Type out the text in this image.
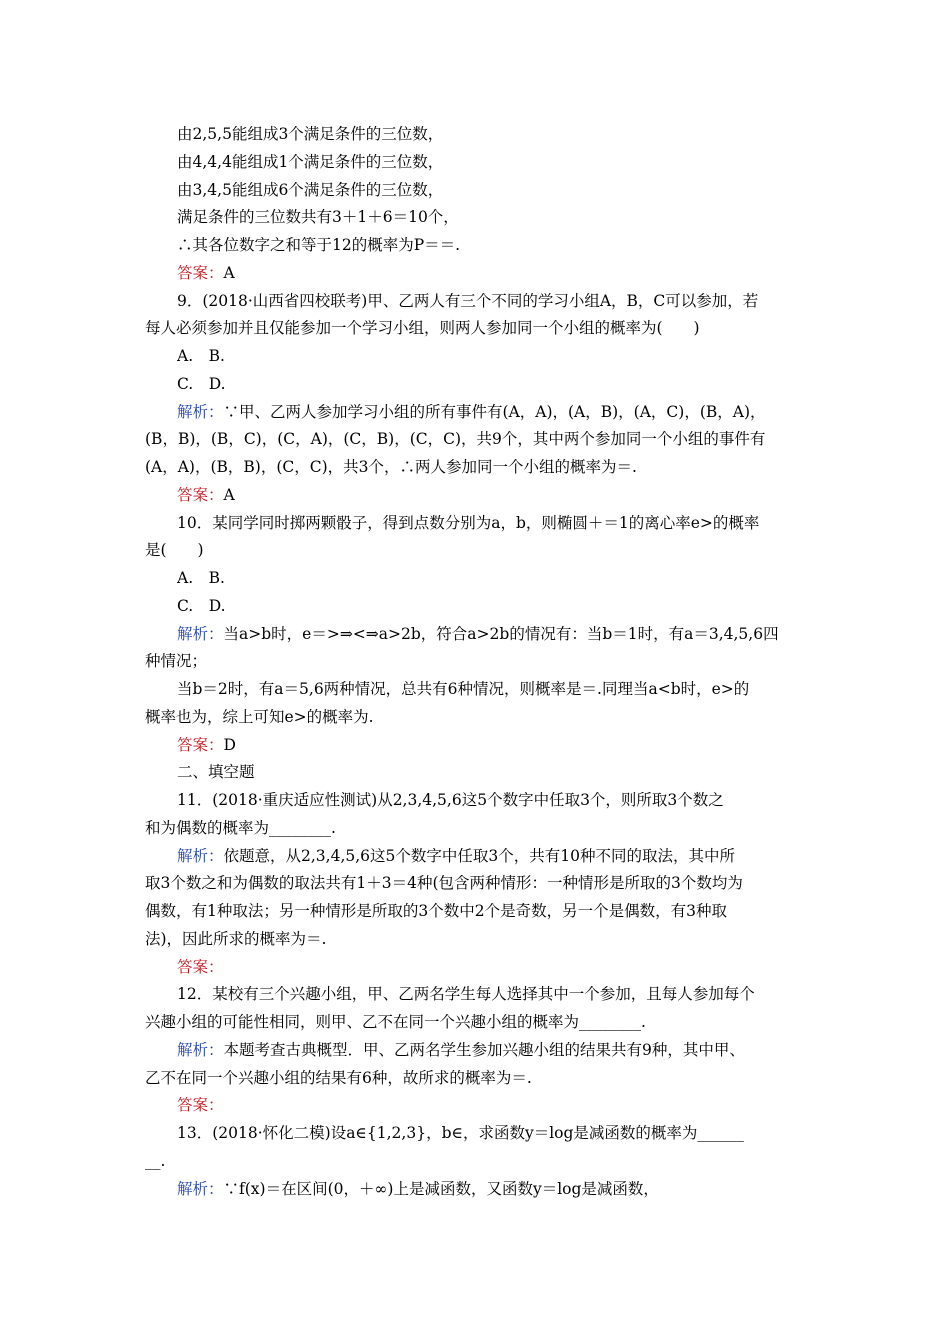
由2,5,5能组成3个满足条件的三位数，
由4,4,4能组成1个满足条件的三位数，
由3,4,5能组成6个满足条件的三位数，
满足条件的三位数共有3＋1＋6＝10个，
∴其各位数字之和等于12的概率为P＝＝.
答案：A
9．(2018·山西省四校联考)甲、乙两人有三个不同的学习小组A，B，C可以参加，若
每人必须参加并且仅能参加一个学习小组，则两人参加同一个小组的概率为(　　)
A.　B.
C.　D.
解析：∵甲、乙两人参加学习小组的所有事件有(A，A)，(A，B)，(A，C)，(B，A)，
(B，B)，(B，C)，(C，A)，(C，B)，(C，C)，共9个，其中两个参加同一个小组的事件有
(A，A)，(B，B)，(C，C)，共3个，∴两人参加同一个小组的概率为＝.
答案：A
10．某同学同时掷两颗骰子，得到点数分别为a，b，则椭圆＋＝1的离心率e>的概率
是(　　)
A.　B.
C.　D.
解析：当a>b时，e＝>⇒<⇒a>2b，符合a>2b的情况有：当b＝1时，有a＝3,4,5,6四
种情况；
当b＝2时，有a＝5,6两种情况，总共有6种情况，则概率是＝.同理当a<b时，e>的
概率也为，综上可知e>的概率为.
答案：D
二、填空题
11．(2018·重庆适应性测试)从2,3,4,5,6这5个数字中任取3个，则所取3个数之
和为偶数的概率为________.
解析：依题意，从2,3,4,5,6这5个数字中任取3个，共有10种不同的取法，其中所
取3个数之和为偶数的取法共有1＋3＝4种(包含两种情形：一种情形是所取的3个数均为
偶数，有1种取法；另一种情形是所取的3个数中2个是奇数，另一个是偶数，有3种取
法)，因此所求的概率为＝.
答案：
12．某校有三个兴趣小组，甲、乙两名学生每人选择其中一个参加，且每人参加每个
兴趣小组的可能性相同，则甲、乙不在同一个兴趣小组的概率为________.
解析：本题考查古典概型．甲、乙两名学生参加兴趣小组的结果共有9种，其中甲、
乙不在同一个兴趣小组的结果有6种，故所求的概率为＝.
答案：
13．(2018·怀化二模)设a∈{1,2,3}，b∈，求函数y＝log是减函数的概率为______
__.
解析：∵f(x)＝在区间(0，＋∞)上是减函数，又函数y＝log是减函数，
